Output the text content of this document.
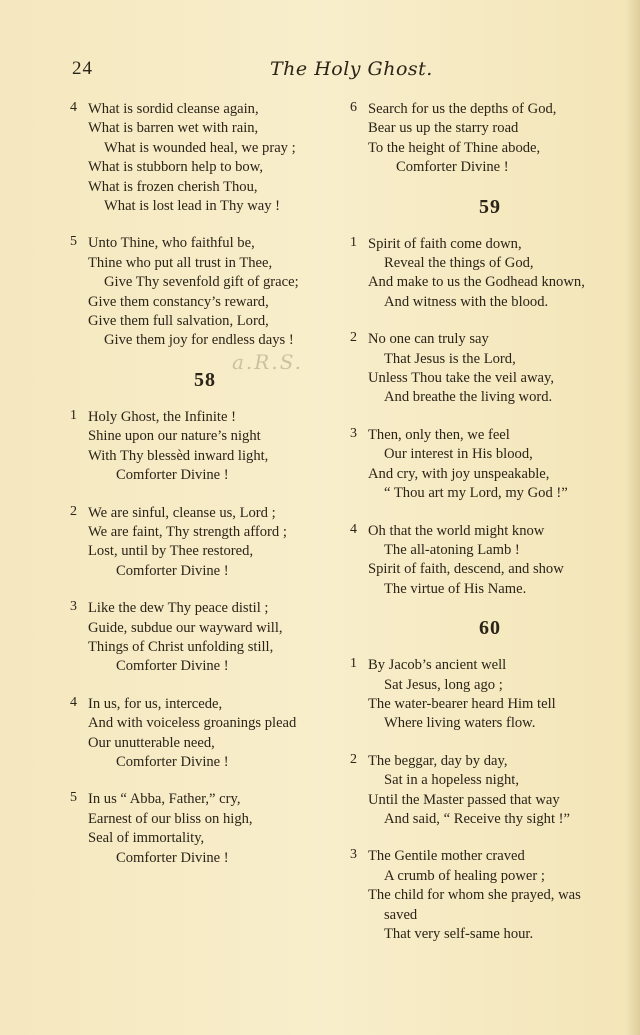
24	The Holy Ghost.
a.R.S.
4 What is sordid cleanse again,
What is barren wet with rain,
What is wounded heal, we pray ;
What is stubborn help to bow,
What is frozen cherish Thou,
What is lost lead in Thy way !
5 Unto Thine, who faithful be,
Thine who put all trust in Thee,
Give Thy sevenfold gift of grace;
Give them constancy’s reward,
Give them full salvation, Lord,
Give them joy for endless days !
58
1 Holy Ghost, the Infinite !
Shine upon our nature’s night
With Thy blessèd inward light,
Comforter Divine !
2 We are sinful, cleanse us, Lord ;
We are faint, Thy strength afford ;
Lost, until by Thee restored,
Comforter Divine !
3 Like the dew Thy peace distil ;
Guide, subdue our wayward will,
Things of Christ unfolding still,
Comforter Divine !
4 In us, for us, intercede,
And with voiceless groanings plead
Our unutterable need,
Comforter Divine !
5 In us “ Abba, Father,” cry,
Earnest of our bliss on high,
Seal of immortality,
Comforter Divine !
6 Search for us the depths of God,
Bear us up the starry road
To the height of Thine abode,
Comforter Divine !
59
1 Spirit of faith come down,
Reveal the things of God,
And make to us the Godhead known,
And witness with the blood.
2 No one can truly say
That Jesus is the Lord,
Unless Thou take the veil away,
And breathe the living word.
3 Then, only then, we feel
Our interest in His blood,
And cry, with joy unspeakable,
“ Thou art my Lord, my God !”
4 Oh that the world might know
The all-atoning Lamb !
Spirit of faith, descend, and show
The virtue of His Name.
60
1 By Jacob’s ancient well
Sat Jesus, long ago ;
The water-bearer heard Him tell
Where living waters flow.
2 The beggar, day by day,
Sat in a hopeless night,
Until the Master passed that way
And said, “ Receive thy sight !”
3 The Gentile mother craved
A crumb of healing power ;
The child for whom she prayed, was
saved
That very self-same hour.
